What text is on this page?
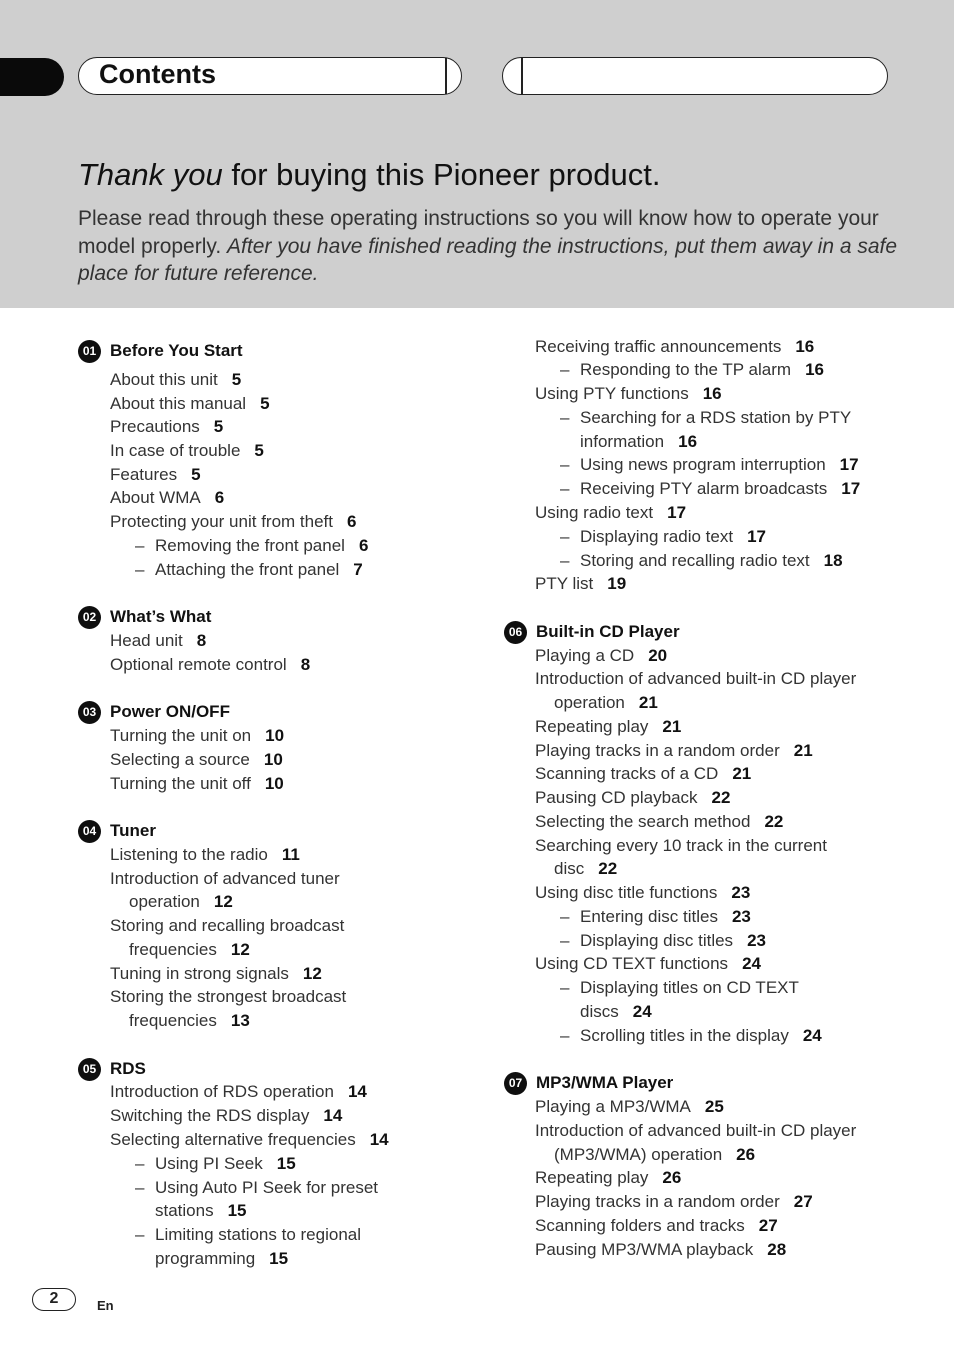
Contents
Thank you for buying this Pioneer product.
Please read through these operating instructions so you will know how to operate your model properly. After you have finished reading the instructions, put them away in a safe place for future reference.
01 Before You Start
02 What’s What
03 Power ON/OFF
04 Tuner
05 RDS
06 Built-in CD Player
07 MP3/WMA Player
About this unit 5
About this manual 5
Precautions 5
In case of trouble 5
Features 5
About WMA 6
Protecting your unit from theft 6
Removing the front panel 6
–
Attaching the front panel 7
–
Head unit 8
Optional remote control 8
Turning the unit on 10
Selecting a source 10
Turning the unit off 10
Listening to the radio 11
Introduction of advanced tuner
operation 12
Storing and recalling broadcast
frequencies 12
Tuning in strong signals 12
Storing the strongest broadcast
frequencies 13
Introduction of RDS operation 14
Switching the RDS display 14
Selecting alternative frequencies 14
Using PI Seek 15
–
Using Auto PI Seek for preset
–
stations 15
Limiting stations to regional
–
programming 15
Receiving traffic announcements 16
Responding to the TP alarm 16
–
Using PTY functions 16
Searching for a RDS station by PTY
–
information 16
Using news program interruption 17
–
Receiving PTY alarm broadcasts 17
–
Using radio text 17
Displaying radio text 17
–
Storing and recalling radio text 18
–
PTY list 19
Playing a CD 20
Introduction of advanced built-in CD player
operation 21
Repeating play 21
Playing tracks in a random order 21
Scanning tracks of a CD 21
Pausing CD playback 22
Selecting the search method 22
Searching every 10 track in the current
disc 22
Using disc title functions 23
Entering disc titles 23
–
Displaying disc titles 23
–
Using CD TEXT functions 24
Displaying titles on CD TEXT
–
discs 24
Scrolling titles in the display 24
–
Playing a MP3/WMA 25
Introduction of advanced built-in CD player
(MP3/WMA) operation 26
Repeating play 26
Playing tracks in a random order 27
Scanning folders and tracks 27
Pausing MP3/WMA playback 28
2	En
